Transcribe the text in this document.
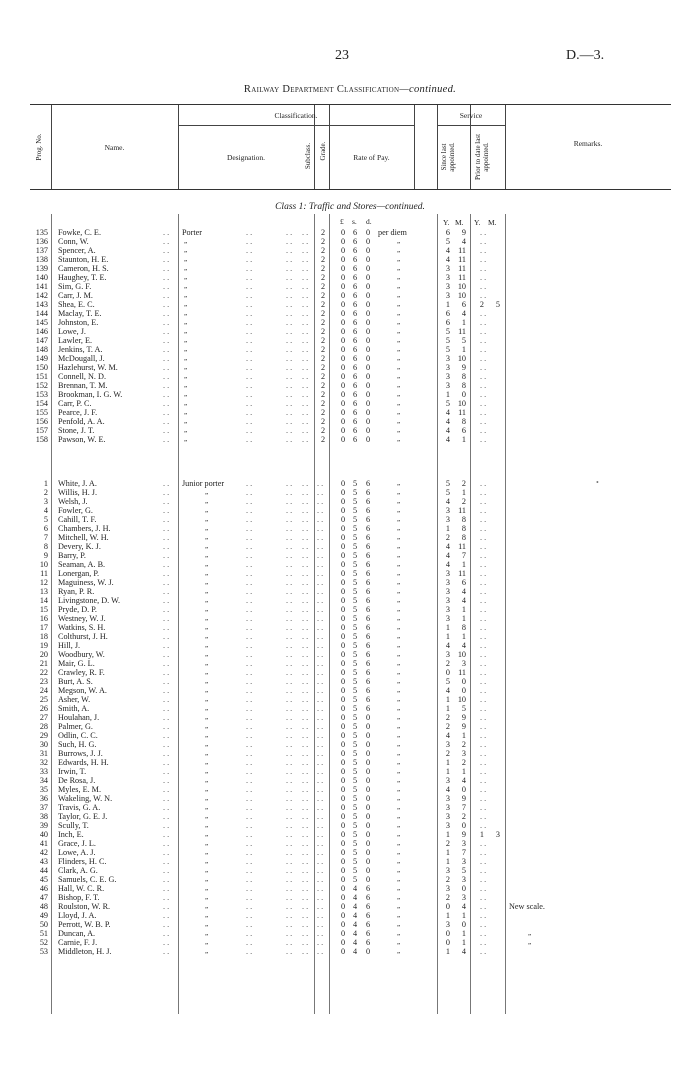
23	D.—3.
Railway Department Classification—continued.
Prog. No.	Name.
Classification.
Designation.	Subclass. Grade.	Rate of Pay.
Service
Since last appointed.	Prior to date last appointed.	Remarks.
Class 1: Traffic and Stores—continued.
£ s. d.	Y. M. Y. M.
135 Fowke, C. E.	. .	Porter	. .	. .	. .	2	0 6	0 per diem	6	9 . .
136 Conn, W.	. .	„	. .	. .	. .	2	0 6	0	„	5	4 . .
137 Spencer, A.	. .	„	. .	. .	. .	2	0 6	0	„	4 11 . .
138 Staunton, H. E.	. .	„	. .	. .	. .	2	0 6	0	„	4 11 . .
139 Cameron, H. S.	. .	„	. .	. .	. .	2	0 6	0	„	3 11 . .
140 Haughey, T. E.	. .	„	. .	. .	. .	2	0 6	0	„	3 11 . .
141 Sim, G. F.	. .	„	. .	. .	. .	2	0 6	0	„	3 10 . .
142 Carr, J. M.	. .	„	. .	. .	. .	2	0 6	0	„	3 10 . .
143 Shea, E. C.	. .	„	. .	. .	. .	2	0 6	0	„	1	6	2	5
144 Maclay, T. E.	. .	„	. .	. .	. .	2	0 6	0	„	6	4 . .
145 Johnston, E.	. .	„	. .	. .	. .	2	0 6	0	„	6	1 . .
146 Lowe, J.	. .	„	. .	. .	. .	2	0 6	0	„	5 11 . .
147 Lawler, E.	. .	„	. .	. .	. .	2	0 6	0	„	5	5 . .
148 Jenkins, T. A.	. .	„	. .	. .	. .	2	0 6	0	„	5	1 . .
149 McDougall, J.	. .	„	. .	. .	. .	2	0 6	0	„	3 10 . .
150 Hazlehurst, W. M.	. .	„	. .	. .	. .	2	0 6	0	„	3	9 . .
151 Connell, N. D.	. .	„	. .	. .	. .	2	0 6	0	„	3	8 . .
152 Brennan, T. M.	. .	„	. .	. .	. .	2	0 6	0	„	3	8 . .
153 Brookman, I. G. W.	. .	„	. .	. .	. .	2	0 6	0	„	1	0 . .
154 Carr, P. C.	. .	„	. .	. .	. .	2	0 6	0	„	5 10 . .
155 Pearce, J. F.	. .	„	. .	. .	. .	2	0 6	0	„	4 11 . .
156 Penfold, A. A.	. .	„	. .	. .	. .	2	0 6	0	„	4	8 . .
157 Stone, J. T.	. .	„	. .	. .	. .	2	0 6	0	„	4	6 . .
158 Pawson, W. E.	. .	„	. .	. .	. .	2	0 6	0	„	4	1 . .
1 White, J. A.	. .	Junior porter	. .	. .	. .	. .	0 5	6	„	5	2 . .
2 Willis, H. J.	. .	„	. .	. .	. .	. .	0 5	6	„	5	1 . .
3 Welsh, J.	. .	„	. .	. .	. .	. .	0 5	6	„	4	2 . .
4 Fowler, G.	. .	„	. .	. .	. .	. .	0 5	6	„	3 11 . .
5 Cahill, T. F.	. .	„	. .	. .	. .	. .	0 5	6	„	3	8 . .
6 Chambers, J. H.	. .	„	. .	. .	. .	. .	0 5	6	„	1	8 . .
7 Mitchell, W. H.	. .	„	. .	. .	. .	. .	0 5	6	„	2	8 . .
8 Devery, K. J.	. .	„	. .	. .	. .	. .	0 5	6	„	4 11 . .
9 Barry, P.	. .	„	. .	. .	. .	. .	0 5	6	„	4	7 . .
10 Seaman, A. B.	. .	„	. .	. .	. .	. .	0 5	6	„	4	1 . .
11 Lonergan, P.	. .	„	. .	. .	. .	. .	0 5	6	„	3 11 . .
12 Maguiness, W. J.	. .	„	. .	. .	. .	. .	0 5	6	„	3	6 . .
13 Ryan, P. R.	. .	„	. .	. .	. .	. .	0 5	6	„	3	4 . .
14 Livingstone, D. W.	. .	„	. .	. .	. .	. .	0 5	6	„	3	4 . .
15 Pryde, D. P.	. .	„	. .	. .	. .	. .	0 5	6	„	3	1 . .
16 Westney, W. J.	. .	„	. .	. .	. .	. .	0 5	6	„	3	1 . .
17 Watkins, S. H.	. .	„	. .	. .	. .	. .	0 5	6	„	1	8 . .
18 Colthurst, J. H.	. .	„	. .	. .	. .	. .	0 5	6	„	1	1 . .
19 Hill, J.	. .	„	. .	. .	. .	. .	0 5	6	„	4	4 . .
20 Woodbury, W.	. .	„	. .	. .	. .	. .	0 5	6	„	3 10 . .
21 Mair, G. L.	. .	„	. .	. .	. .	. .	0 5	6	„	2	3 . .
22 Crawley, R. F.	. .	„	. .	. .	. .	. .	0 5	6	„	0 11 . .
23 Burt, A. S.	. .	„	. .	. .	. .	. .	0 5	6	„	5	0 . .
24 Megson, W. A.	. .	„	. .	. .	. .	. .	0 5	6	„	4	0 . .
25 Asher, W.	. .	„	. .	. .	. .	. .	0 5	6	„	1 10 . .
26 Smith, A.	. .	„	. .	. .	. .	. .	0 5	6	„	1	5 . .
27 Houlahan, J.	. .	„	. .	. .	. .	. .	0 5	0	„	2	9 . .
28 Palmer, G.	. .	„	. .	. .	. .	. .	0 5	0	„	2	9 . .
29 Odlin, C. C.	. .	„	. .	. .	. .	. .	0 5	0	„	4	1 . .
30 Such, H. G.	. .	„	. .	. .	. .	. .	0 5	0	„	3	2 . .
31 Burrows, J. J.	. .	„	. .	. .	. .	. .	0 5	0	„	2	3 . .
32 Edwards, H. H.	. .	„	. .	. .	. .	. .	0 5	0	„	1	2 . .
33 Irwin, T.	. .	„	. .	. .	. .	. .	0 5	0	„	1	1 . .
34 De Rosa, J.	. .	„	. .	. .	. .	. .	0 5	0	„	3	4 . .
35 Myles, E. M.	. .	„	. .	. .	. .	. .	0 5	0	„	4	0 . .
36 Wakeling, W. N.	. .	„	. .	. .	. .	. .	0 5	0	„	3	9 . .
37 Travis, G. A.	. .	„	. .	. .	. .	. .	0 5	0	„	3	7 . .
38 Taylor, G. E. J.	. .	„	. .	. .	. .	. .	0 5	0	„	3	2 . .
39 Scully, T.	. .	„	. .	. .	. .	. .	0 5	0	„	3	0 . .
40 Inch, E.	. .	„	. .	. .	. .	. .	0 5	0	„	1	9	1	3
41 Grace, J. L.	. .	„	. .	. .	. .	. .	0 5	0	„	2	3 . .
42 Lowe, A. J.	. .	„	. .	. .	. .	. .	0 5	0	„	1	7 . .
43 Flinders, H. C.	. .	„	. .	. .	. .	. .	0 5	0	„	1	3 . .
44 Clark, A. G.	. .	„	. .	. .	. .	. .	0 5	0	„	3	5 . .
45 Samuels, C. E. G.	. .	„	. .	. .	. .	. .	0 5	0	„	2	3 . .
46 Hall, W. C. R.	. .	„	. .	. .	. .	. .	0 4	6	„	3	0 . .
47 Bishop, F. T.	. .	„	. .	. .	. .	. .	0 4	6	„	2	3 . .
48 Roulston, W. R.	. .	„	. .	. .	. .	. .	0 4	6	„	0	4 . .	New scale.
49 Lloyd, J. A.	. .	„	. .	. .	. .	. .	0 4	6	„	1	1 . .
50 Perrott, W. B. P.	. .	„	. .	. .	. .	. .	0 4	6	„	3	0 . .
51 Duncan, A.	. .	„	. .	. .	. .	. .	0 4	6	„	0	1 . .	„
52 Carnie, F. J.	. .	„	. .	. .	. .	. .	0 4	6	„	0	1 . .	„
53 Middleton, H. J.	. .	„	. .	. .	. .	. .	0 4	0	„	1	4 . .
•
